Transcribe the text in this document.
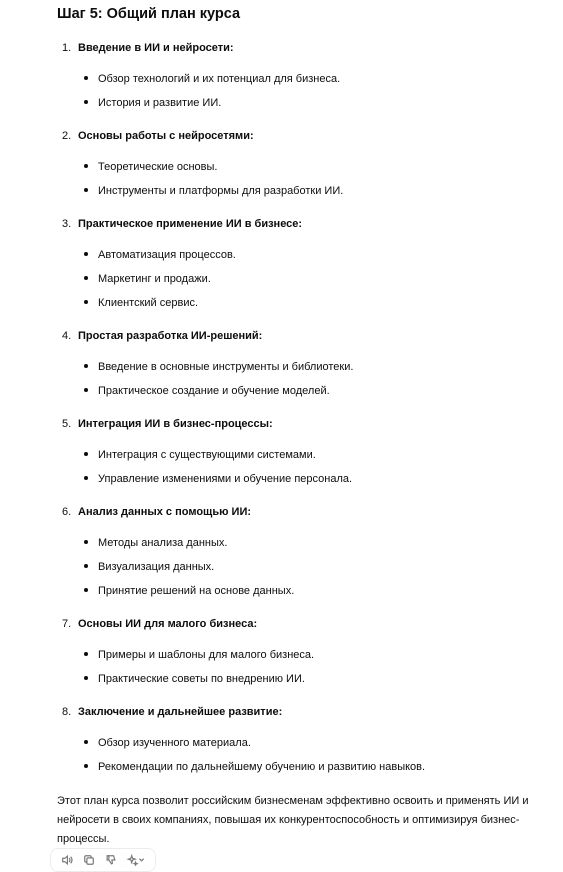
Шаг 5: Общий план курса
1. Введение в ИИ и нейросети:
Обзор технологий и их потенциал для бизнеса.
История и развитие ИИ.
2. Основы работы с нейросетями:
Теоретические основы.
Инструменты и платформы для разработки ИИ.
3. Практическое применение ИИ в бизнесе:
Автоматизация процессов.
Маркетинг и продажи.
Клиентский сервис.
4. Простая разработка ИИ-решений:
Введение в основные инструменты и библиотеки.
Практическое создание и обучение моделей.
5. Интеграция ИИ в бизнес-процессы:
Интеграция с существующими системами.
Управление изменениями и обучение персонала.
6. Анализ данных с помощью ИИ:
Методы анализа данных.
Визуализация данных.
Принятие решений на основе данных.
7. Основы ИИ для малого бизнеса:
Примеры и шаблоны для малого бизнеса.
Практические советы по внедрению ИИ.
8. Заключение и дальнейшее развитие:
Обзор изученного материала.
Рекомендации по дальнейшему обучению и развитию навыков.

Этот план курса позволит российским бизнесменам эффективно освоить и применять ИИ и нейросети в своих компаниях, повышая их конкурентоспособность и оптимизируя бизнес-процессы.
